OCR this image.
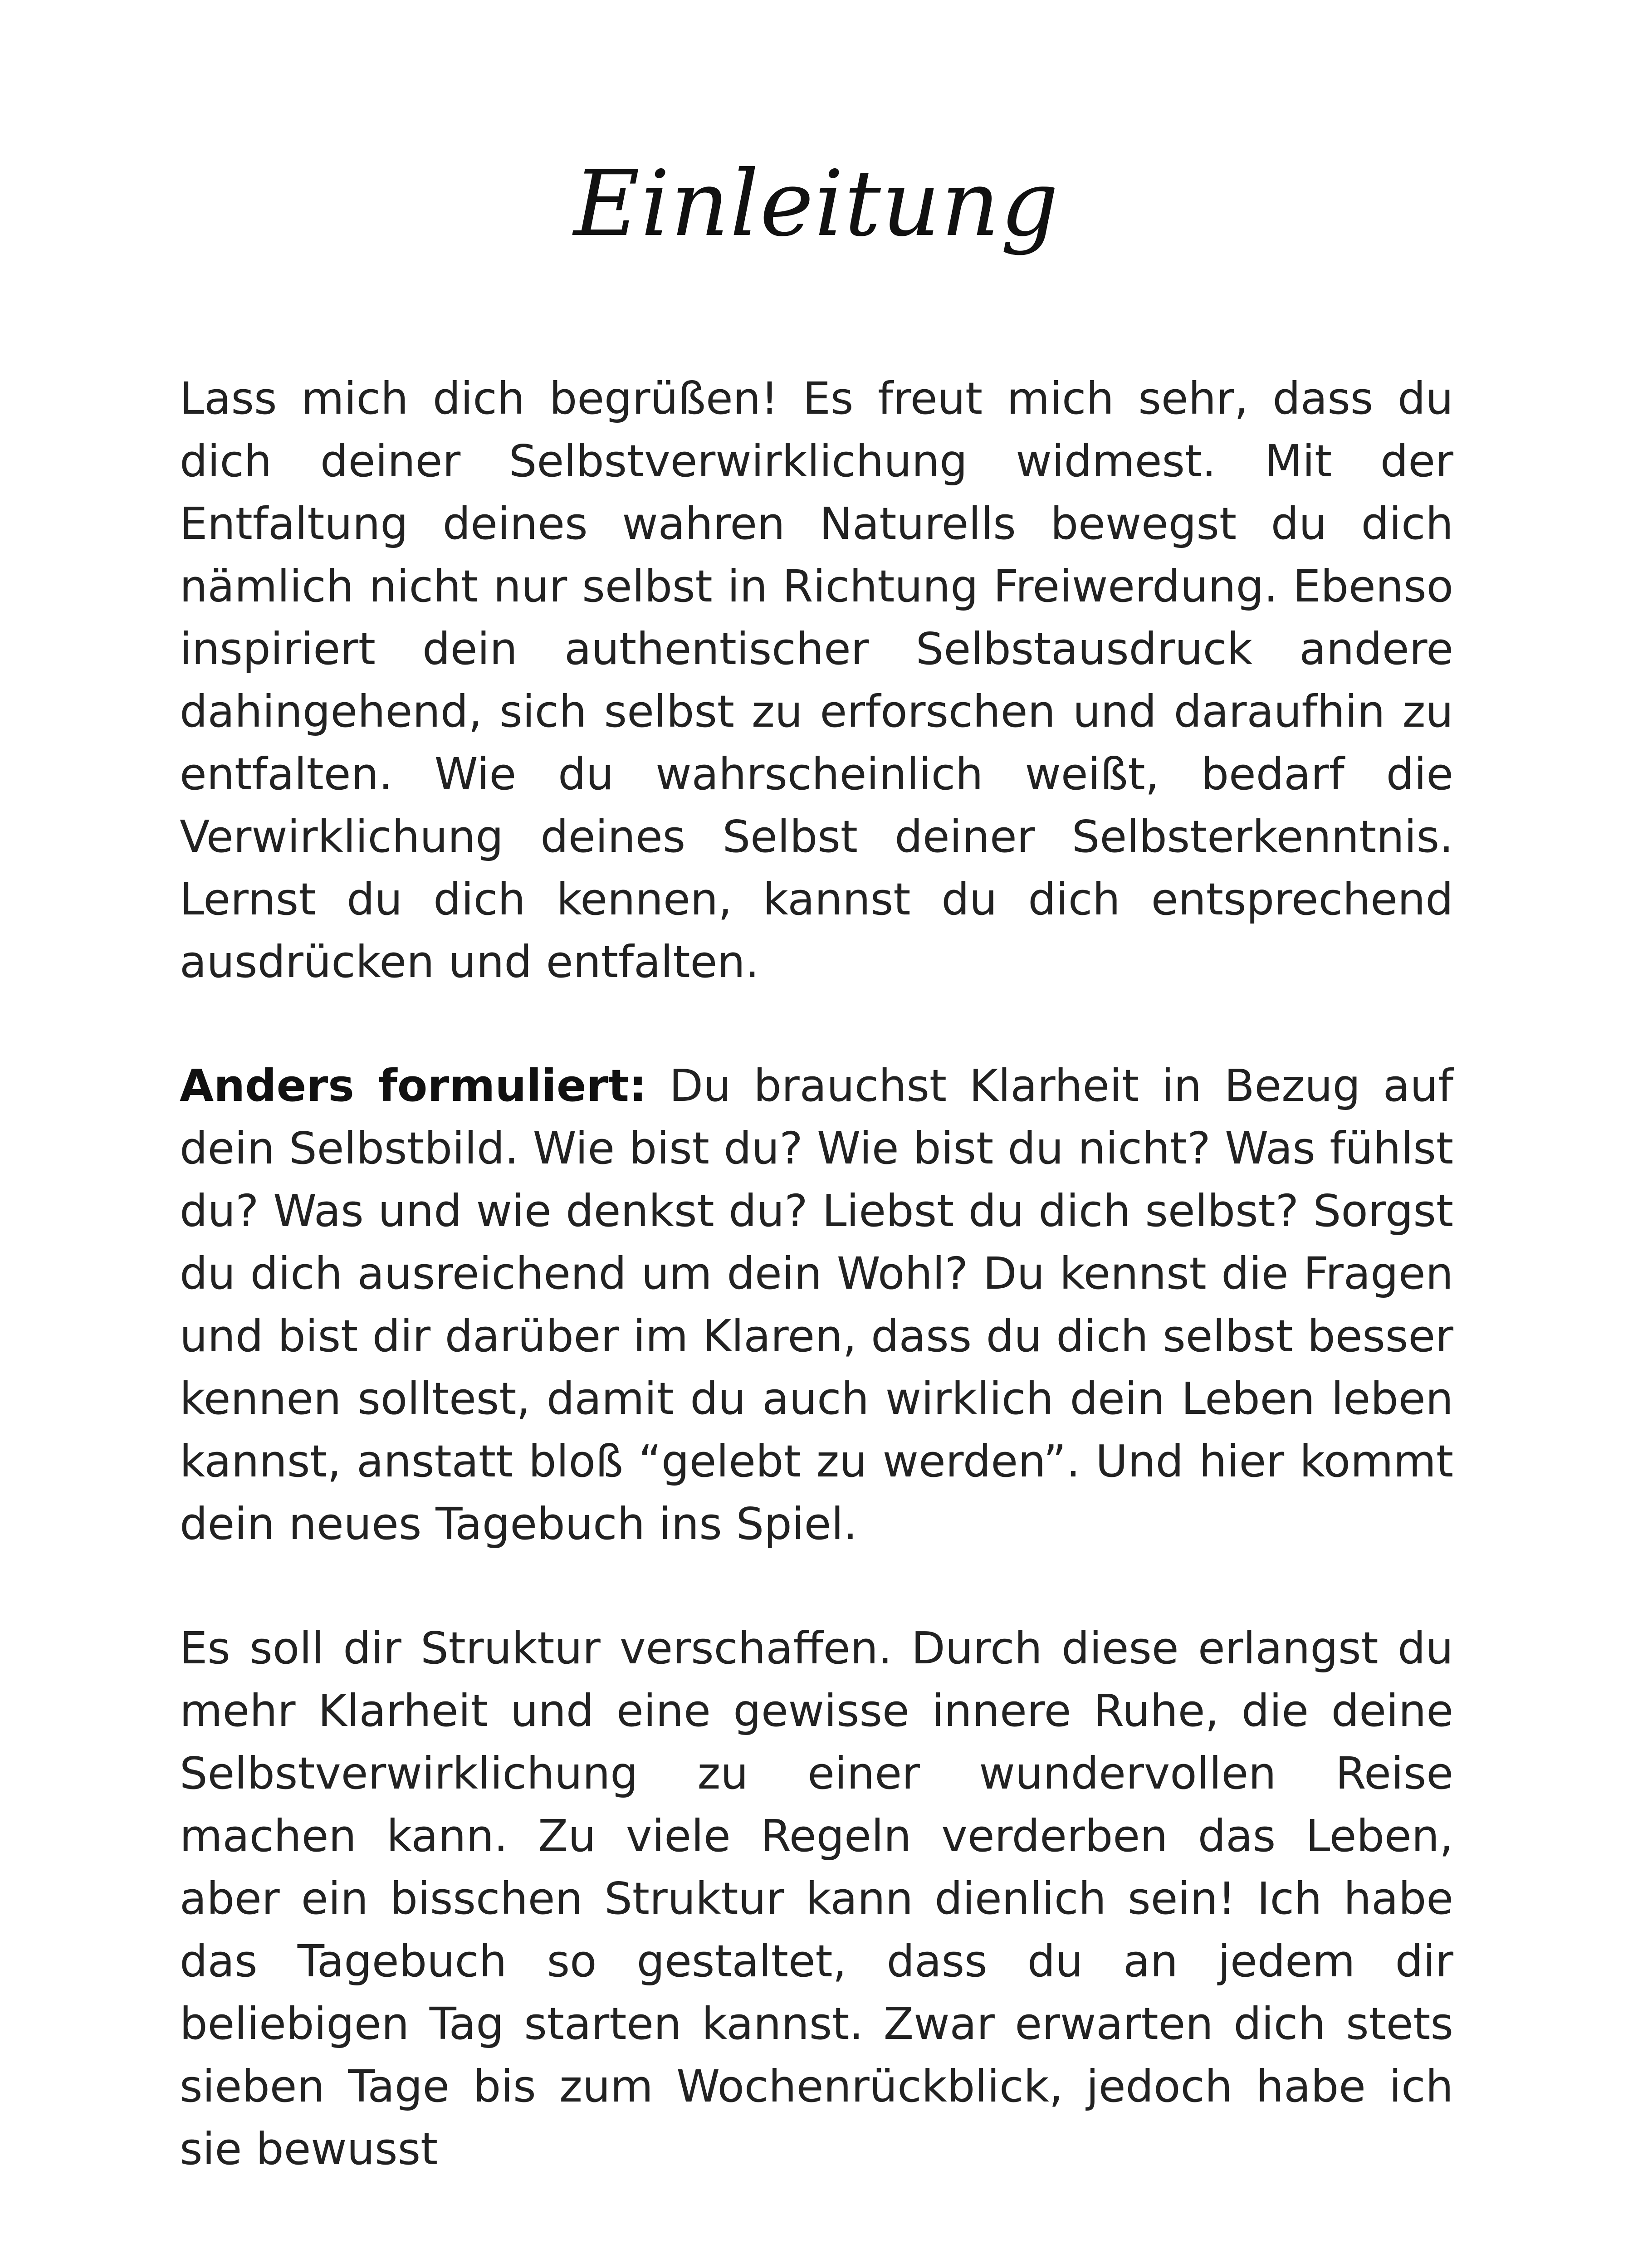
Einleitung

Lass mich dich begrüßen! Es freut mich sehr, dass du dich deiner Selbstverwirklichung widmest. Mit der Entfaltung deines wahren Naturells bewegst du dich nämlich nicht nur selbst in Richtung Freiwerdung. Ebenso inspiriert dein authentischer Selbstausdruck andere dahingehend, sich selbst zu erforschen und daraufhin zu entfalten. Wie du wahrscheinlich weißt, bedarf die Verwirklichung deines Selbst deiner Selbsterkenntnis. Lernst du dich kennen, kannst du dich entsprechend ausdrücken und entfalten.

Anders formuliert: Du brauchst Klarheit in Bezug auf dein Selbstbild. Wie bist du? Wie bist du nicht? Was fühlst du? Was und wie denkst du? Liebst du dich selbst? Sorgst du dich ausreichend um dein Wohl? Du kennst die Fragen und bist dir darüber im Klaren, dass du dich selbst besser kennen solltest, damit du auch wirklich dein Leben leben kannst, anstatt bloß “gelebt zu werden”. Und hier kommt dein neues Tagebuch ins Spiel.

Es soll dir Struktur verschaffen. Durch diese erlangst du mehr Klarheit und eine gewisse innere Ruhe, die deine Selbstverwirklichung zu einer wundervollen Reise machen kann. Zu viele Regeln verderben das Leben, aber ein bisschen Struktur kann dienlich sein! Ich habe das Tagebuch so gestaltet, dass du an jedem dir beliebigen Tag starten kannst. Zwar erwarten dich stets sieben Tage bis zum Wochenrückblick, jedoch habe ich sie bewusst
